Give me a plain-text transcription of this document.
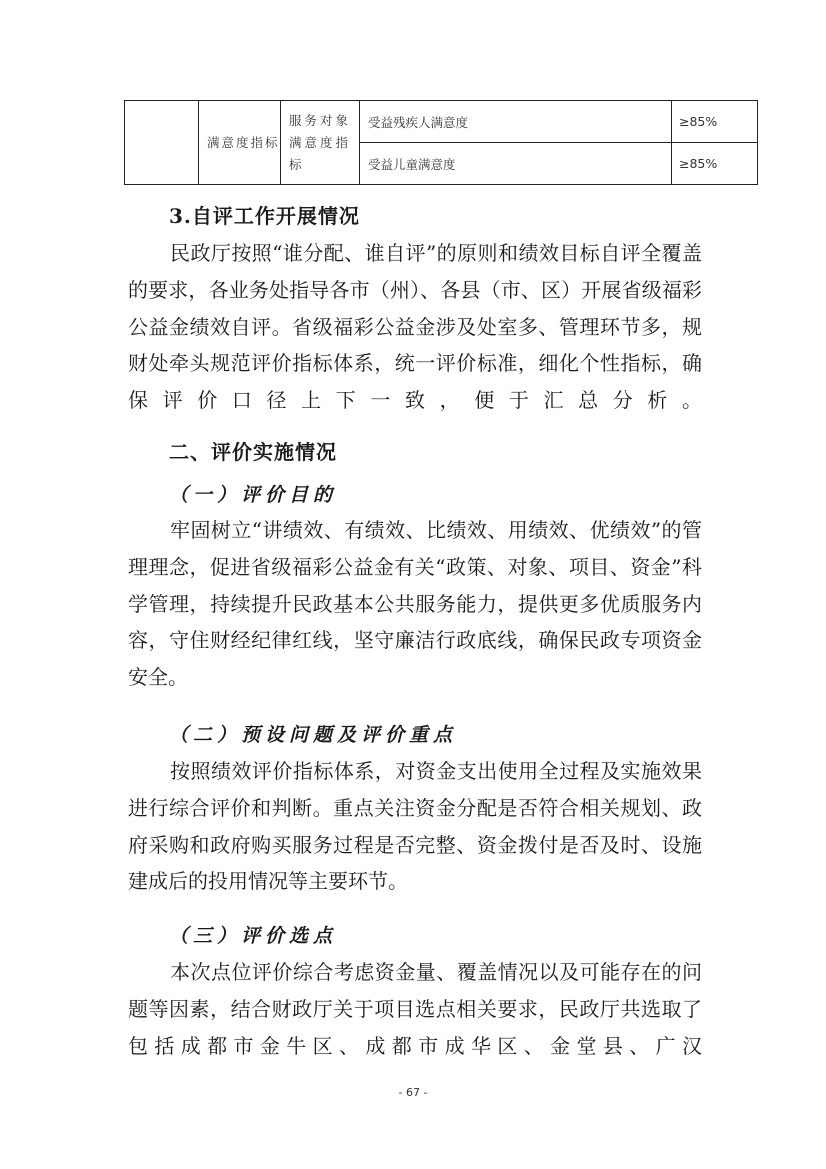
	满意度指标	服务对象满意度指标	受益残疾人满意度	≥85%
			受益儿童满意度	≥85%
3.自评工作开展情况

民政厅按照“谁分配、谁自评”的原则和绩效目标自评全覆盖的要求，各业务处指导各市（州）、各县（市、区）开展省级福彩公益金绩效自评。省级福彩公益金涉及处室多、管理环节多，规财处牵头规范评价指标体系，统一评价标准，细化个性指标，确保评价口径上下一致，便于汇总分析。

二、评价实施情况
（一）评价目的

牢固树立“讲绩效、有绩效、比绩效、用绩效、优绩效”的管理理念，促进省级福彩公益金有关“政策、对象、项目、资金”科学管理，持续提升民政基本公共服务能力，提供更多优质服务内容，守住财经纪律红线，坚守廉洁行政底线，确保民政专项资金安全。

（二）预设问题及评价重点

按照绩效评价指标体系，对资金支出使用全过程及实施效果进行综合评价和判断。重点关注资金分配是否符合相关规划、政府采购和政府购买服务过程是否完整、资金拨付是否及时、设施建成后的投用情况等主要环节。

（三）评价选点

本次点位评价综合考虑资金量、覆盖情况以及可能存在的问题等因素，结合财政厅关于项目选点相关要求，民政厅共选取了包括成都市金牛区、成都市成华区、金堂县、广汉

- 67 -
